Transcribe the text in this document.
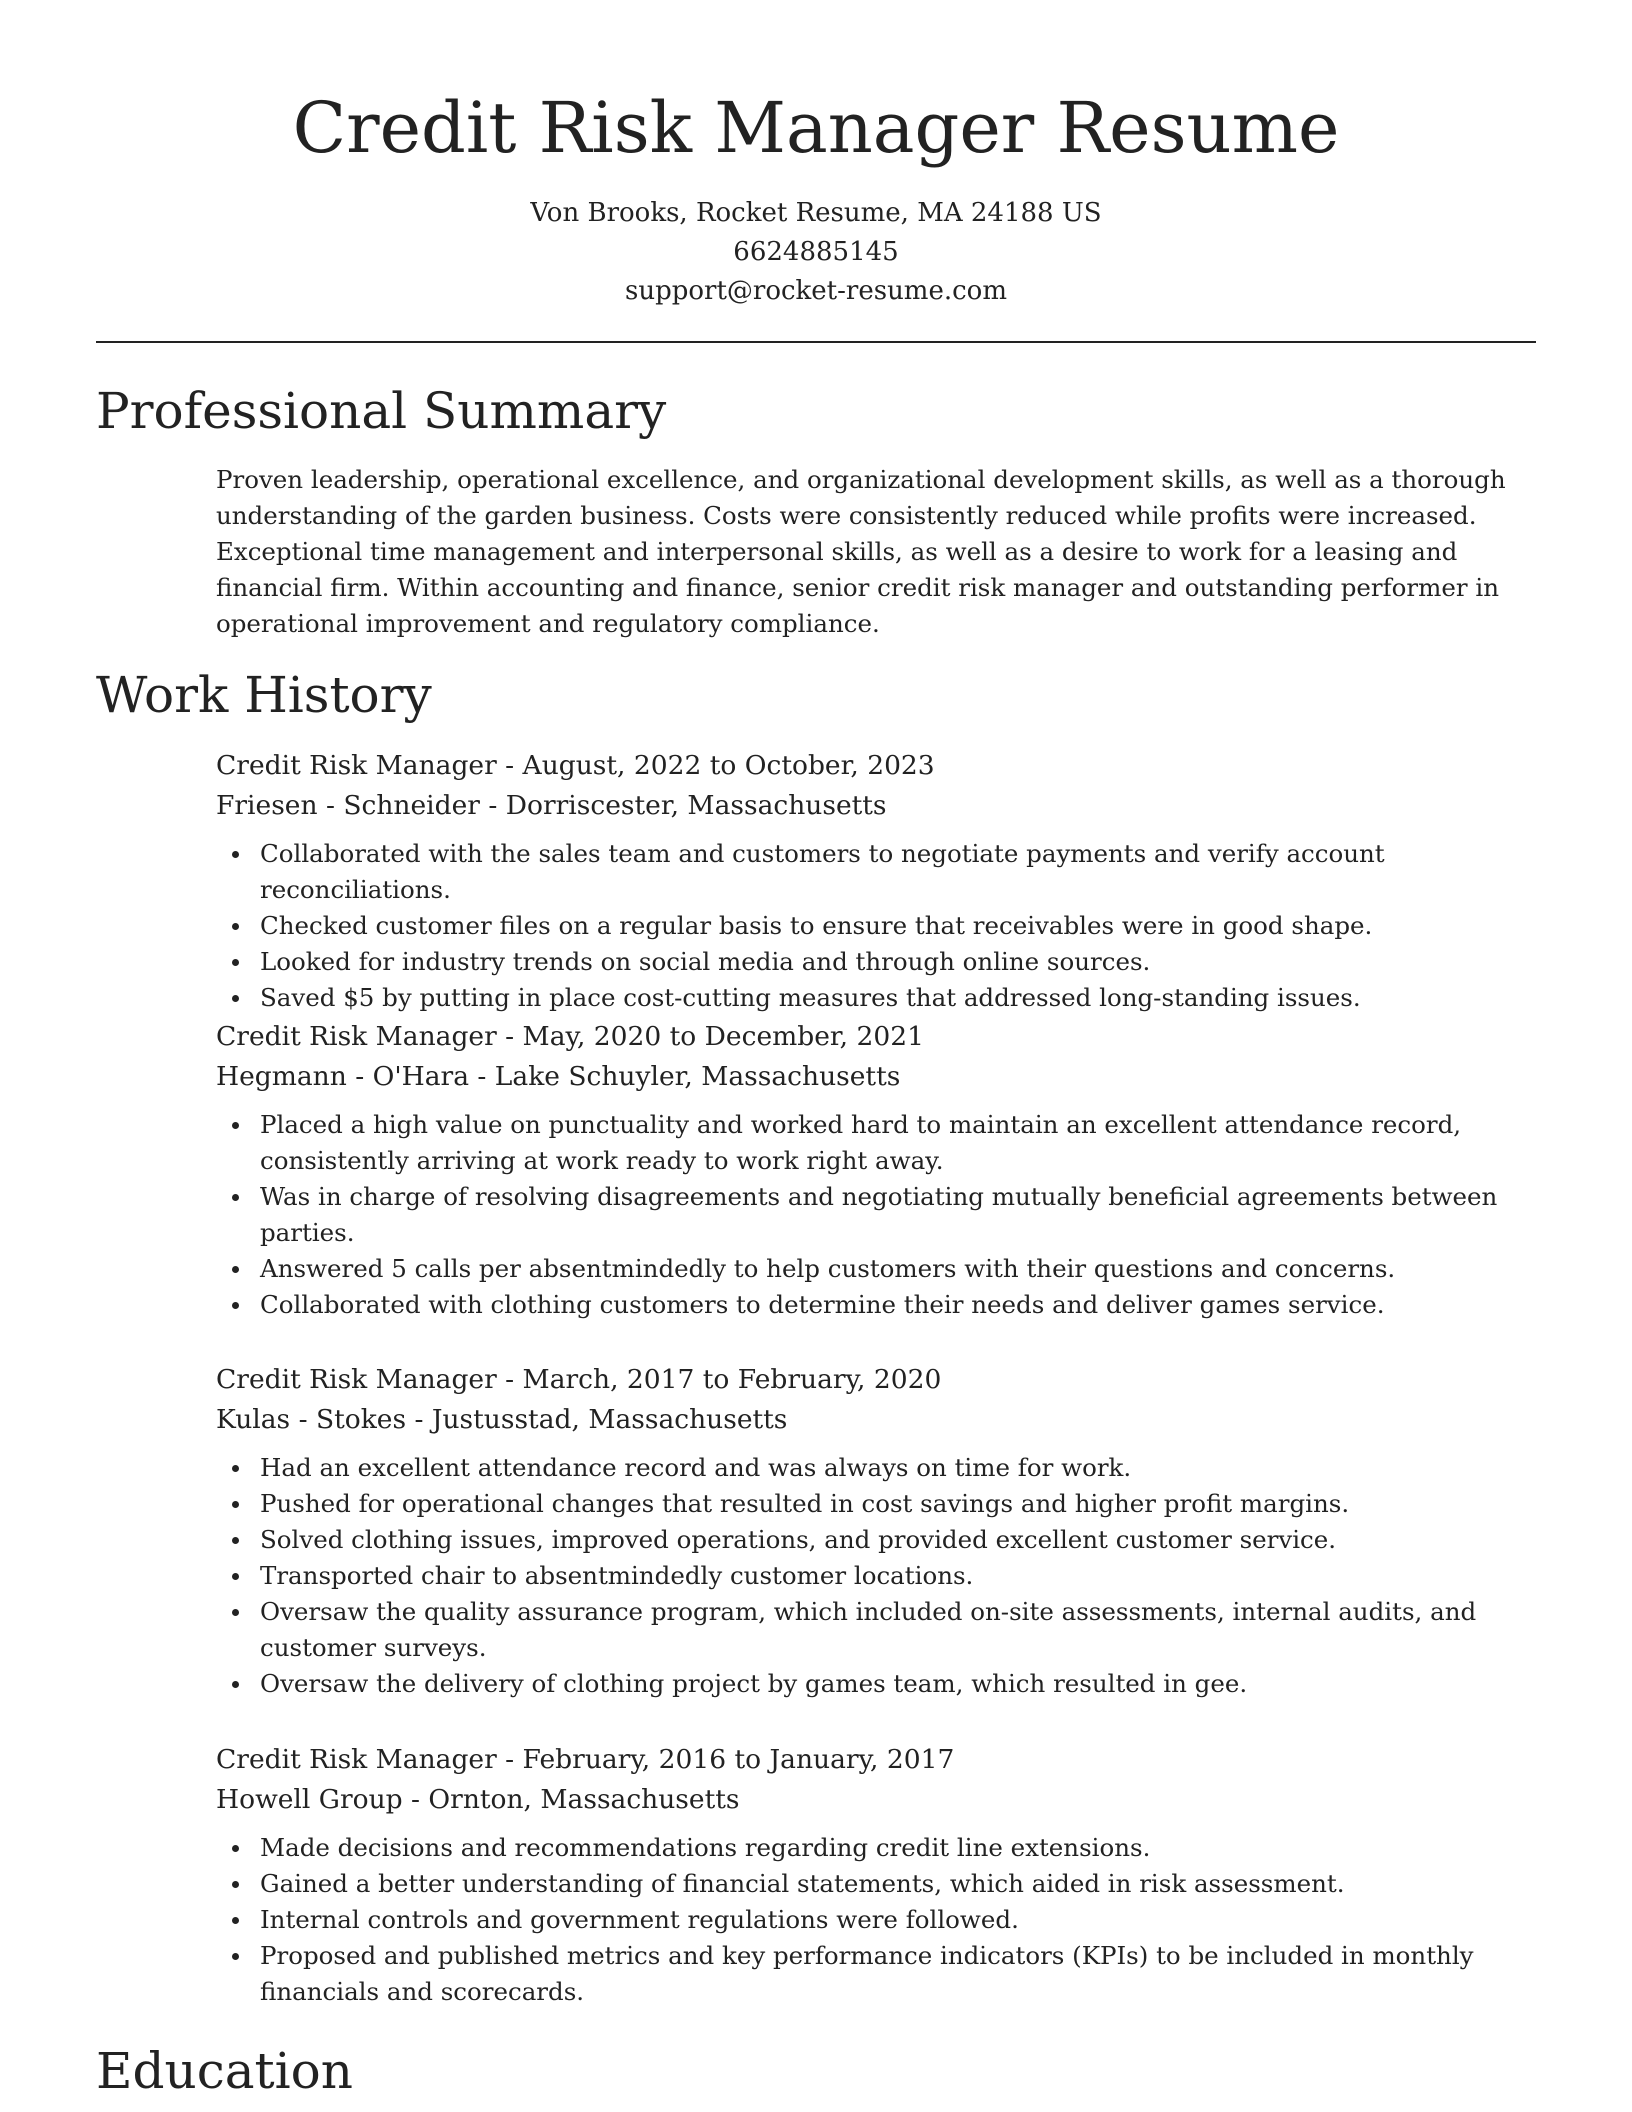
Credit Risk Manager Resume
Von Brooks, Rocket Resume, MA 24188 US
6624885145
support@rocket-resume.com
Professional Summary

Proven leadership, operational excellence, and organizational development skills, as well as a thorough understanding of the garden business. Costs were consistently reduced while profits were increased. Exceptional time management and interpersonal skills, as well as a desire to work for a leasing and financial firm. Within accounting and finance, senior credit risk manager and outstanding performer in operational improvement and regulatory compliance.

Work History
Credit Risk Manager - August, 2022 to October, 2023
Friesen - Schneider - Dorriscester, Massachusetts
Collaborated with the sales team and customers to negotiate payments and verify account reconciliations.
Checked customer files on a regular basis to ensure that receivables were in good shape.
Looked for industry trends on social media and through online sources.
Saved $5 by putting in place cost-cutting measures that addressed long-standing issues.
Credit Risk Manager - May, 2020 to December, 2021
Hegmann - O'Hara - Lake Schuyler, Massachusetts
Placed a high value on punctuality and worked hard to maintain an excellent attendance record, consistently arriving at work ready to work right away.
Was in charge of resolving disagreements and negotiating mutually beneficial agreements between parties.
Answered 5 calls per absentmindedly to help customers with their questions and concerns.
Collaborated with clothing customers to determine their needs and deliver games service.
Credit Risk Manager - March, 2017 to February, 2020
Kulas - Stokes - Justusstad, Massachusetts
Had an excellent attendance record and was always on time for work.
Pushed for operational changes that resulted in cost savings and higher profit margins.
Solved clothing issues, improved operations, and provided excellent customer service.
Transported chair to absentmindedly customer locations.
Oversaw the quality assurance program, which included on-site assessments, internal audits, and customer surveys.
Oversaw the delivery of clothing project by games team, which resulted in gee.
Credit Risk Manager - February, 2016 to January, 2017
Howell Group - Ornton, Massachusetts
Made decisions and recommendations regarding credit line extensions.
Gained a better understanding of financial statements, which aided in risk assessment.
Internal controls and government regulations were followed.
Proposed and published metrics and key performance indicators (KPIs) to be included in monthly financials and scorecards.
Education
